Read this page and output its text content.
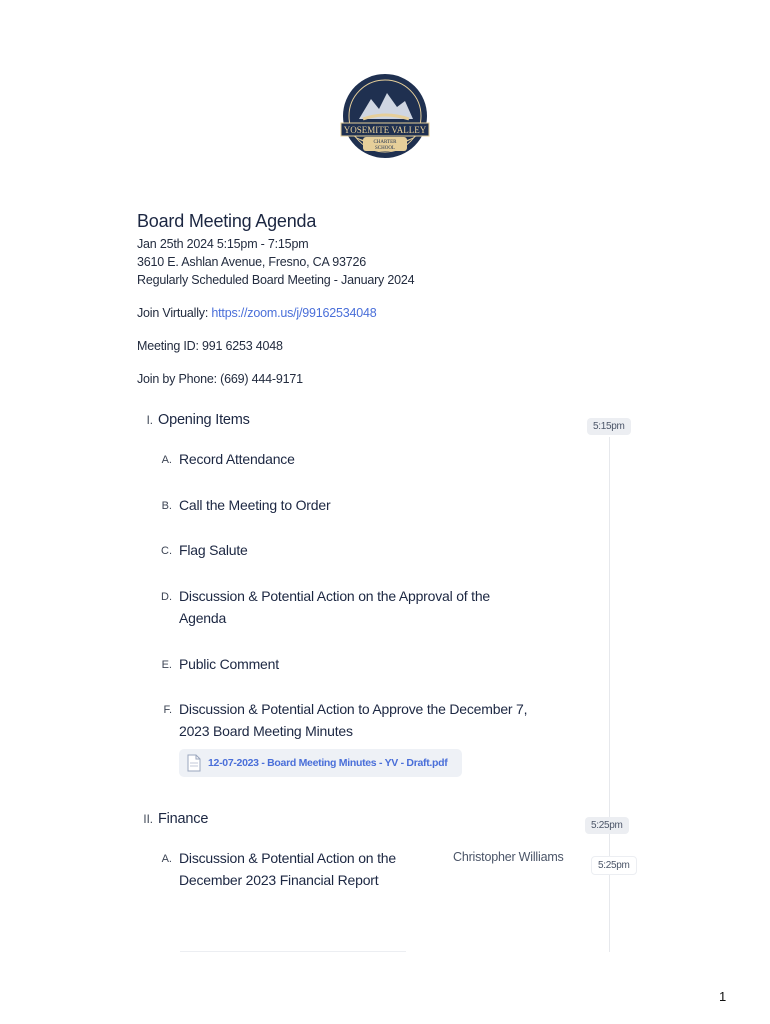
YOSEMITE VALLEY
CHARTER
SCHOOL
Board Meeting Agenda
Jan 25th 2024 5:15pm - 7:15pm
3610 E. Ashlan Avenue, Fresno, CA 93726
Regularly Scheduled Board Meeting - January 2024
Join Virtually: https://zoom.us/j/99162534048
Meeting ID: 991 6253 4048
Join by Phone: (669) 444-9171
I. Opening Items	5:15pm
A. Record Attendance
B. Call the Meeting to Order
C. Flag Salute
D. Discussion & Potential Action on the Approval of the Agenda
E. Public Comment
F. Discussion & Potential Action to Approve the December 7, 2023 Board Meeting Minutes
12-07-2023 - Board Meeting Minutes - YV - Draft.pdf
II. Finance	5:25pm
A. Discussion & Potential Action on the December 2023 Financial Report
Christopher Williams
5:25pm
1
